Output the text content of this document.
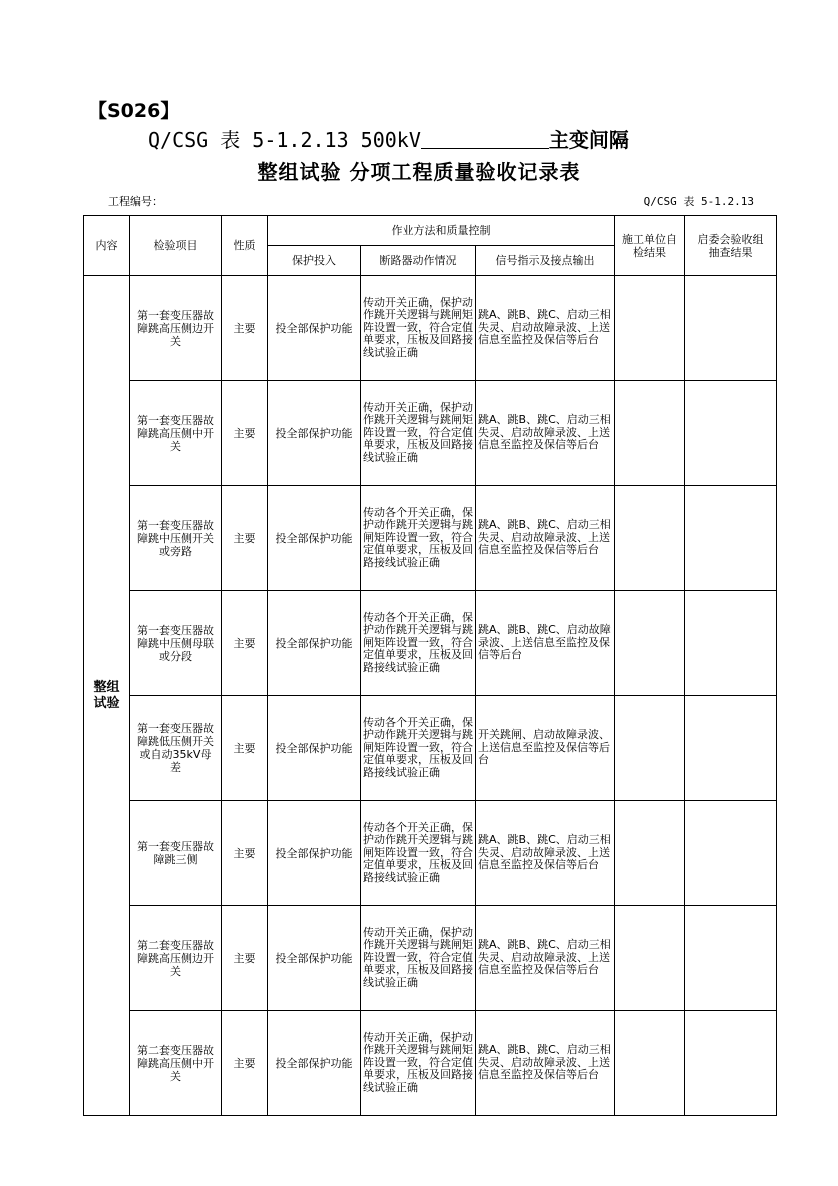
【S026】
Q/CSG 表 5-1.2.13 500kV	主变间隔
整组试验 分项工程质量验收记录表
工程编号：	Q/CSG 表 5-1.2.13
内容	检验项目	性质	作业方法和质量控制			施工单位自检结果	启委会验收组抽查结果
			保护投入	断路器动作情况	信号指示及接点输出		
整组试验	第一套变压器故障跳高压侧边开关	主要	投全部保护功能	传动开关正确，保护动作跳开关逻辑与跳闸矩阵设置一致，符合定值单要求，压板及回路接线试验正确	跳A、跳B、跳C、启动三相失灵、启动故障录波、上送信息至监控及保信等后台		
	第一套变压器故障跳高压侧中开关	主要	投全部保护功能	传动开关正确，保护动作跳开关逻辑与跳闸矩阵设置一致，符合定值单要求，压板及回路接线试验正确	跳A、跳B、跳C、启动三相失灵、启动故障录波、上送信息至监控及保信等后台		
	第一套变压器故障跳中压侧开关或旁路	主要	投全部保护功能	传动各个开关正确，保护动作跳开关逻辑与跳闸矩阵设置一致，符合定值单要求，压板及回路接线试验正确	跳A、跳B、跳C、启动三相失灵、启动故障录波、上送信息至监控及保信等后台		
	第一套变压器故障跳中压侧母联或分段	主要	投全部保护功能	传动各个开关正确，保护动作跳开关逻辑与跳闸矩阵设置一致，符合定值单要求，压板及回路接线试验正确	跳A、跳B、跳C、启动故障录波、上送信息至监控及保信等后台		
	第一套变压器故障跳低压侧开关或自动35kV母差	主要	投全部保护功能	传动各个开关正确，保护动作跳开关逻辑与跳闸矩阵设置一致，符合定值单要求，压板及回路接线试验正确	开关跳闸、启动故障录波、上送信息至监控及保信等后台		
	第一套变压器故障跳三侧	主要	投全部保护功能	传动各个开关正确，保护动作跳开关逻辑与跳闸矩阵设置一致，符合定值单要求，压板及回路接线试验正确	跳A、跳B、跳C、启动三相失灵、启动故障录波、上送信息至监控及保信等后台		
	第二套变压器故障跳高压侧边开关	主要	投全部保护功能	传动开关正确，保护动作跳开关逻辑与跳闸矩阵设置一致，符合定值单要求，压板及回路接线试验正确	跳A、跳B、跳C、启动三相失灵、启动故障录波、上送信息至监控及保信等后台		
	第二套变压器故障跳高压侧中开关	主要	投全部保护功能	传动开关正确，保护动作跳开关逻辑与跳闸矩阵设置一致，符合定值单要求，压板及回路接线试验正确	跳A、跳B、跳C、启动三相失灵、启动故障录波、上送信息至监控及保信等后台		
